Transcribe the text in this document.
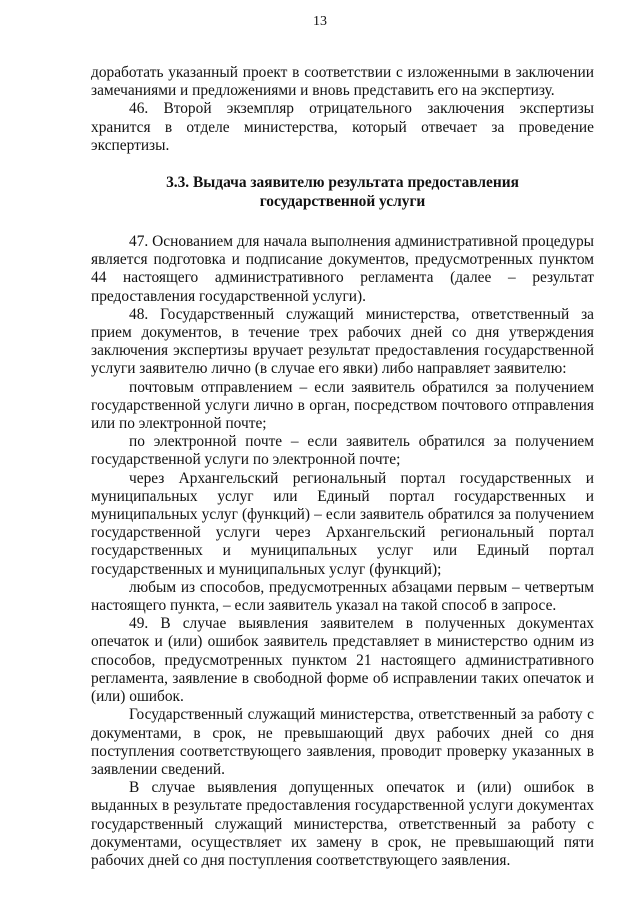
13

доработать указанный проект в соответствии с изложенными в заключении замечаниями и предложениями и вновь представить его на экспертизу.

46. Второй экземпляр отрицательного заключения экспертизы хранится в отделе министерства, который отвечает за проведение экспертизы.

3.3. Выдача заявителю результата предоставления государственной услуги

47. Основанием для начала выполнения административной процедуры является подготовка и подписание документов, предусмотренных пунктом 44 настоящего административного регламента (далее – результат предоставления государственной услуги).

48. Государственный служащий министерства, ответственный за прием документов, в течение трех рабочих дней со дня утверждения заключения экспертизы вручает результат предоставления государственной услуги заявителю лично (в случае его явки) либо направляет заявителю:

почтовым отправлением – если заявитель обратился за получением государственной услуги лично в орган, посредством почтового отправления или по электронной почте;

по электронной почте – если заявитель обратился за получением государственной услуги по электронной почте;

через Архангельский региональный портал государственных и муниципальных услуг или Единый портал государственных и муниципальных услуг (функций) – если заявитель обратился за получением государственной услуги через Архангельский региональный портал государственных и муниципальных услуг или Единый портал государственных и муниципальных услуг (функций);

любым из способов, предусмотренных абзацами первым – четвертым настоящего пункта, – если заявитель указал на такой способ в запросе.

49. В случае выявления заявителем в полученных документах опечаток и (или) ошибок заявитель представляет в министерство одним из способов, предусмотренных пунктом 21 настоящего административного регламента, заявление в свободной форме об исправлении таких опечаток и (или) ошибок.

Государственный служащий министерства, ответственный за работу с документами, в срок, не превышающий двух рабочих дней со дня поступления соответствующего заявления, проводит проверку указанных в заявлении сведений.

В случае выявления допущенных опечаток и (или) ошибок в выданных в результате предоставления государственной услуги документах государственный служащий министерства, ответственный за работу с документами, осуществляет их замену в срок, не превышающий пяти рабочих дней со дня поступления соответствующего заявления.
